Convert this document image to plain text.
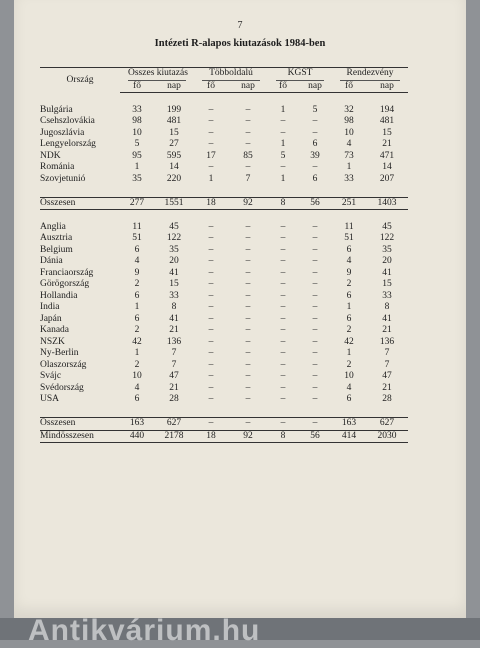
7
Intézeti R-alapos kiutazások 1984-ben
Ország	Összes kiutazás		Többoldalú		KGST		Rendezvény	

	fő	nap	fő	nap	fő	nap	fő	nap

Bulgária	33	199	–	–	1	5	32	194
Csehszlovákia	98	481	–	–	–	–	98	481
Jugoszlávia	10	15	–	–	–	–	10	15
Lengyelország	5	27	–	–	1	6	4	21
NDK	95	595	17	85	5	39	73	471
Románia	1	14	–	–	–	–	1	14
Szovjetunió	35	220	1	7	1	6	33	207

Összesen	277	1551	18	92	8	56	251	1403

Anglia	11	45	–	–	–	–	11	45
Ausztria	51	122	–	–	–	–	51	122
Belgium	6	35	–	–	–	–	6	35
Dánia	4	20	–	–	–	–	4	20
Franciaország	9	41	–	–	–	–	9	41
Görögország	2	15	–	–	–	–	2	15
Hollandia	6	33	–	–	–	–	6	33
India	1	8	–	–	–	–	1	8
Japán	6	41	–	–	–	–	6	41
Kanada	2	21	–	–	–	–	2	21
NSZK	42	136	–	–	–	–	42	136
Ny-Berlin	1	7	–	–	–	–	1	7
Olaszország	2	7	–	–	–	–	2	7
Svájc	10	47	–	–	–	–	10	47
Svédország	4	21	–	–	–	–	4	21
USA	6	28	–	–	–	–	6	28

Összesen	163	627	–	–	–	–	163	627
Mindösszesen	440	2178	18	92	8	56	414	2030
Antikvárium.hu
